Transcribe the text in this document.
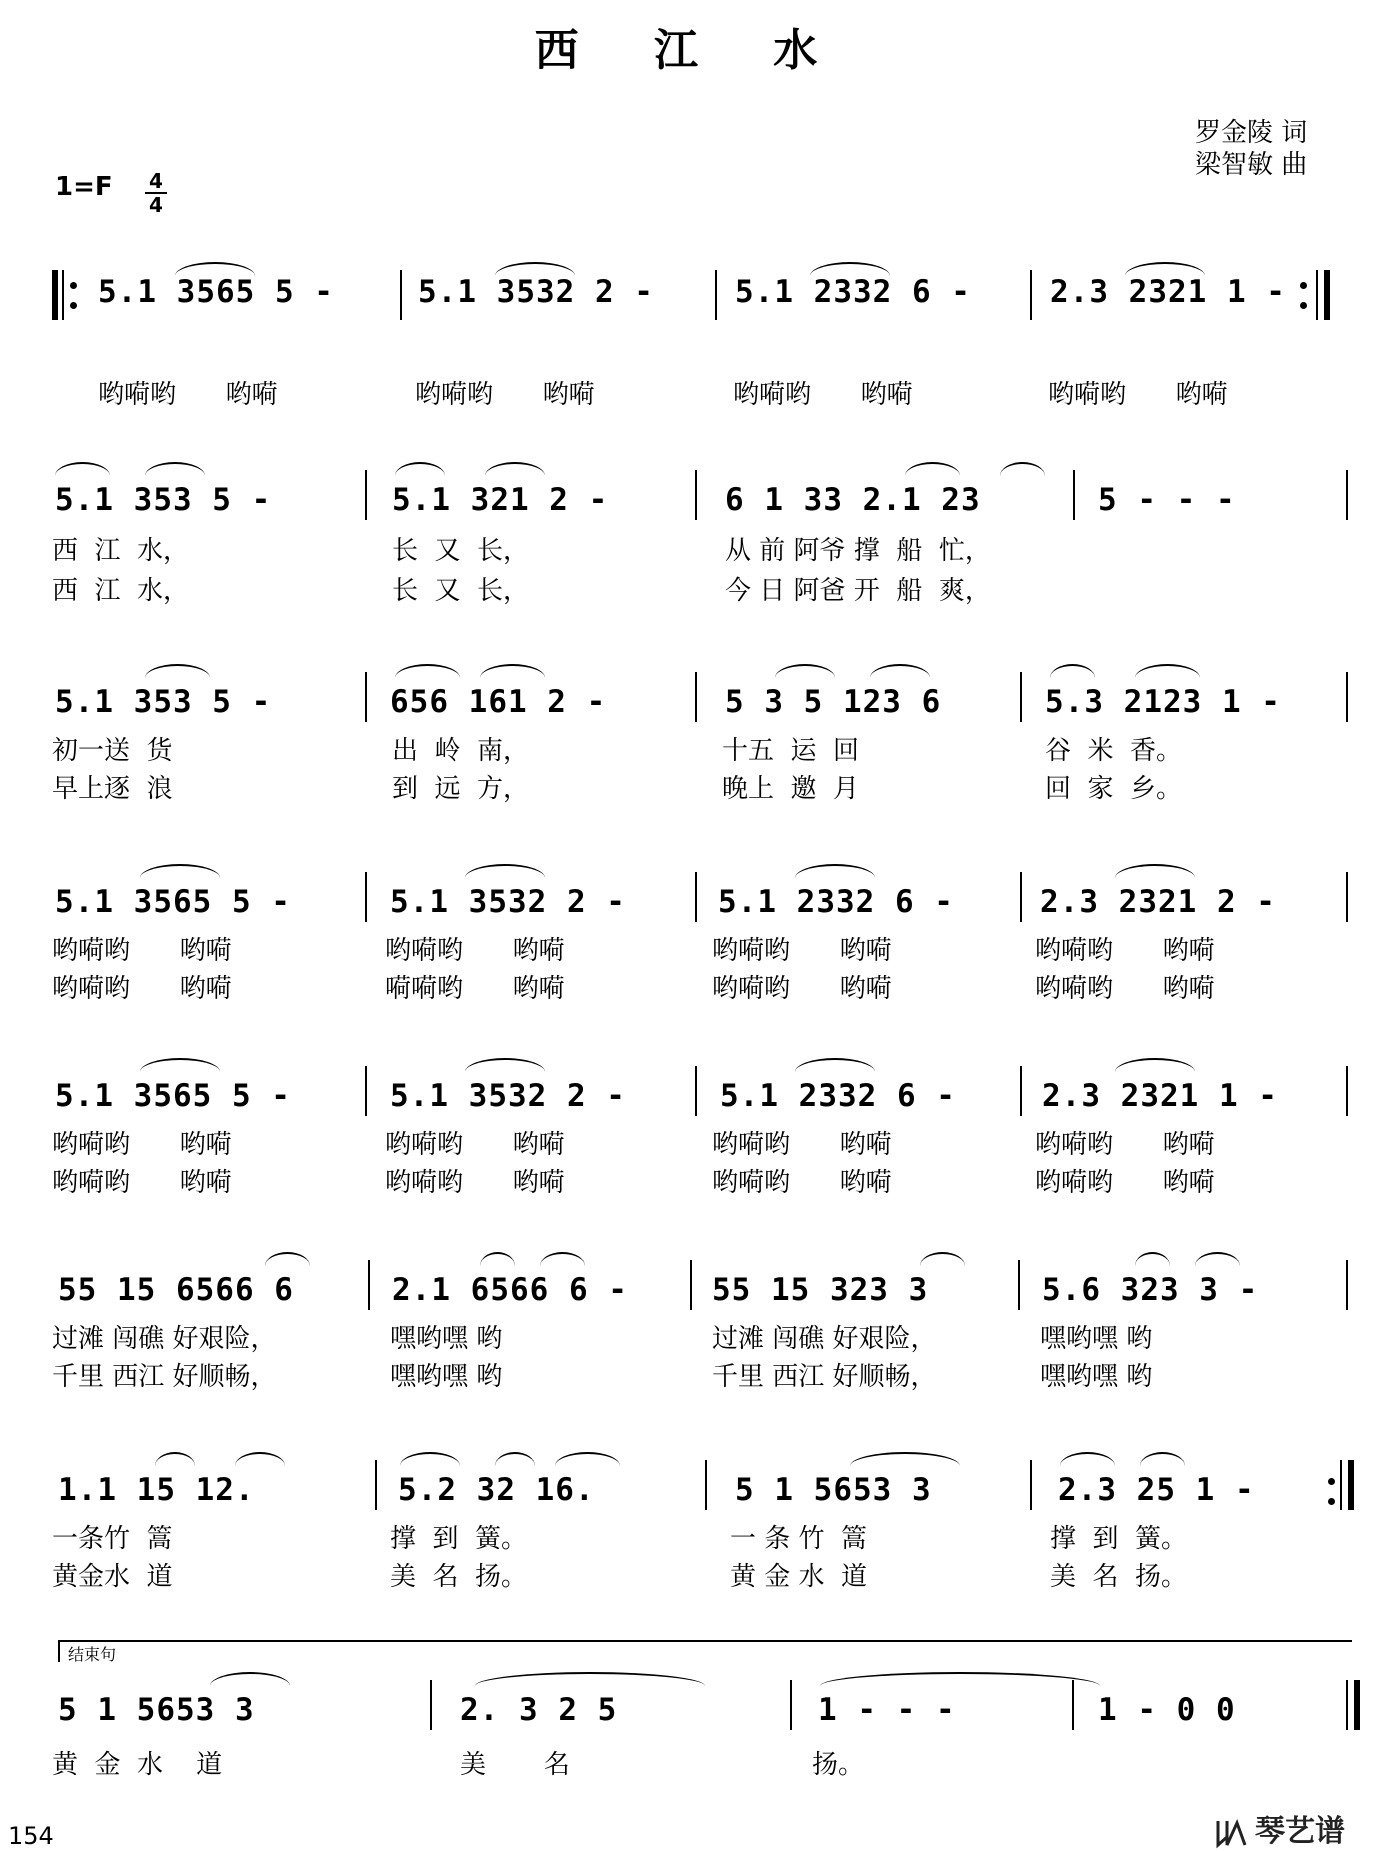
西 江 水
罗金陵 词
梁智敏 曲
1=F 4
4
5.1 3565 5 -	5.1 3532 2 -	5.1 2332 6 -	2.3 2321 1 -
哟嗬哟      哟嗬	哟嗬哟      哟嗬	哟嗬哟      哟嗬	哟嗬哟      哟嗬
5.1 353 5 -	5.1 321 2 -	6 1 33 2.1 23	5 - - -
西  江  水，	长  又  长，	从 前 阿爷 撑  船  忙，
西  江  水，	长  又  长，	今 日 阿爸 开  船  爽，
5.1 353 5 -	656 161 2 -	5 3 5 123 6	5.3 2123 1 -
初一送  货	出  岭  南，	十五  运  回	谷  米  香。
早上逐  浪	到  远  方，	晚上  邀  月	回  家  乡。
5.1 3565 5 -	5.1 3532 2 -	5.1 2332 6 -	2.3 2321 2 -
哟嗬哟      哟嗬	哟嗬哟      哟嗬	哟嗬哟      哟嗬	哟嗬哟      哟嗬
哟嗬哟      哟嗬	嗬嗬哟      哟嗬	哟嗬哟      哟嗬	哟嗬哟      哟嗬
5.1 3565 5 -	5.1 3532 2 -	5.1 2332 6 -	2.3 2321 1 -
哟嗬哟      哟嗬	哟嗬哟      哟嗬	哟嗬哟      哟嗬	哟嗬哟      哟嗬
哟嗬哟      哟嗬	哟嗬哟      哟嗬	哟嗬哟      哟嗬	哟嗬哟      哟嗬
55 15 6566 6	2.1 6566 6 -	55 15 323 3	5.6 323 3 -
过滩 闯礁 好艰险，	嘿哟嘿 哟	过滩 闯礁 好艰险，	嘿哟嘿 哟
千里 西江 好顺畅，	嘿哟嘿 哟	千里 西江 好顺畅，	嘿哟嘿 哟
1.1 15 12.	5.2 32 16.	5 1 5653 3	2.3 25 1 -
一条竹  篙	撑  到  簧。	一 条 竹  篙	撑  到  簧。
黄金水  道	美  名  扬。	黄 金 水  道	美  名  扬。
结束句
5 1 5653 3	2. 3 2 5	1 - - -	1 - 0 0
黄  金  水    道	美       名	扬。
154	琴艺谱
